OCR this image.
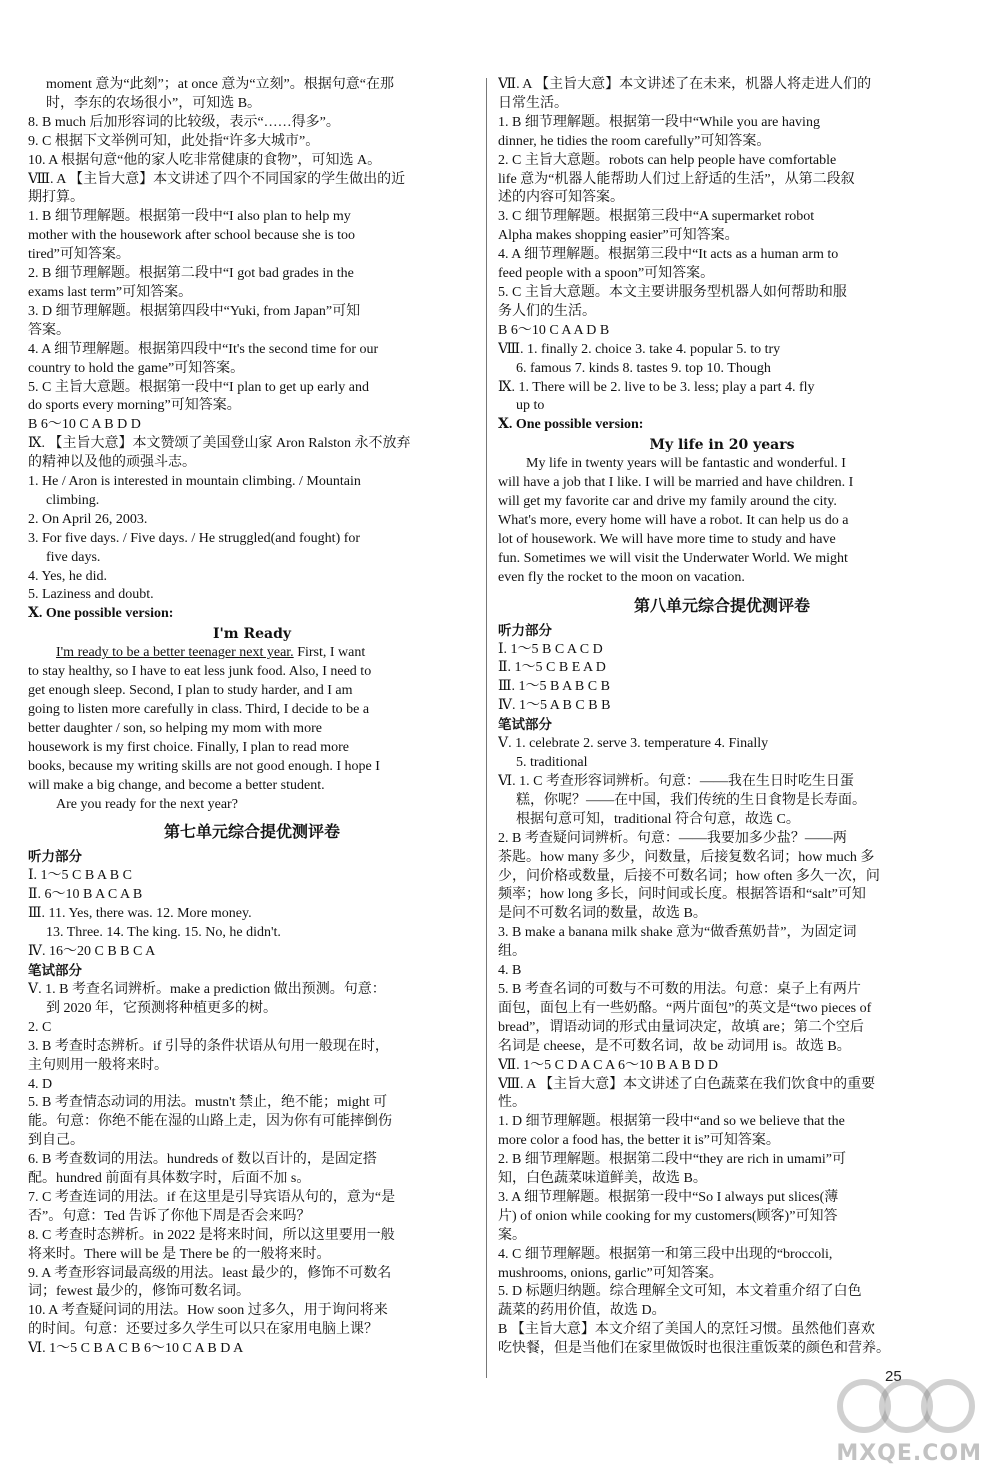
moment 意为“此刻”；at once 意为“立刻”。根据句意“在那
时，李东的农场很小”，可知选 B。
8. B much 后加形容词的比较级，表示“……得多”。
9. C 根据下文举例可知，此处指“许多大城市”。
10. A 根据句意“他的家人吃非常健康的食物”，可知选 A。
Ⅷ. A 【主旨大意】本文讲述了四个不同国家的学生做出的近
期打算。
1. B 细节理解题。根据第一段中“I also plan to help my
mother with the housework after school because she is too
tired”可知答案。
2. B 细节理解题。根据第二段中“I got bad grades in the
exams last term”可知答案。
3. D 细节理解题。根据第四段中“Yuki, from Japan”可知
答案。
4. A 细节理解题。根据第四段中“It's the second time for our
country to hold the game”可知答案。
5. C 主旨大意题。根据第一段中“I plan to get up early and
do sports every morning”可知答案。
B 6～10 C A B D D
Ⅸ. 【主旨大意】本文赞颂了美国登山家 Aron Ralston 永不放弃
的精神以及他的顽强斗志。
1. He / Aron is interested in mountain climbing. / Mountain
climbing.
2. On April 26, 2003.
3. For five days. / Five days. / He struggled(and fought) for
five days.
4. Yes, he did.
5. Laziness and doubt.
Ⅹ. One possible version:
I'm Ready
I'm ready to be a better teenager next year. First, I want
to stay healthy, so I have to eat less junk food. Also, I need to
get enough sleep. Second, I plan to study harder, and I am
going to listen more carefully in class. Third, I decide to be a
better daughter / son, so helping my mom with more
housework is my first choice. Finally, I plan to read more
books, because my writing skills are not good enough. I hope I
will make a big change, and become a better student.
Are you ready for the next year?
第七单元综合提优测评卷
听力部分
Ⅰ. 1～5 C B A B C
Ⅱ. 6～10 B A C A B
Ⅲ. 11. Yes, there was. 12. More money.
13. Three. 14. The king. 15. No, he didn't.
Ⅳ. 16～20 C B B C A
笔试部分
Ⅴ. 1. B 考查名词辨析。make a prediction 做出预测。句意：
到 2020 年，它预测将种植更多的树。
2. C
3. B 考查时态辨析。if 引导的条件状语从句用一般现在时，
主句则用一般将来时。
4. D
5. B 考查情态动词的用法。mustn't 禁止，绝不能；might 可
能。句意：你绝不能在湿的山路上走，因为你有可能摔倒伤
到自己。
6. B 考查数词的用法。hundreds of 数以百计的，是固定搭
配。hundred 前面有具体数字时，后面不加 s。
7. C 考查连词的用法。if 在这里是引导宾语从句的，意为“是
否”。句意：Ted 告诉了你他下周是否会来吗？
8. C 考查时态辨析。in 2022 是将来时间，所以这里要用一般
将来时。There will be 是 There be 的一般将来时。
9. A 考查形容词最高级的用法。least 最少的，修饰不可数名
词；fewest 最少的，修饰可数名词。
10. A 考查疑问词的用法。How soon 过多久，用于询问将来
的时间。句意：还要过多久学生可以只在家用电脑上课？
Ⅵ. 1～5 C B A C B 6～10 C A B D A
Ⅶ. A 【主旨大意】本文讲述了在未来，机器人将走进人们的
日常生活。
1. B 细节理解题。根据第一段中“While you are having
dinner, he tidies the room carefully”可知答案。
2. C 主旨大意题。robots can help people have comfortable
life 意为“机器人能帮助人们过上舒适的生活”，从第二段叙
述的内容可知答案。
3. C 细节理解题。根据第三段中“A supermarket robot
Alpha makes shopping easier”可知答案。
4. A 细节理解题。根据第三段中“It acts as a human arm to
feed people with a spoon”可知答案。
5. C 主旨大意题。本文主要讲服务型机器人如何帮助和服
务人们的生活。
B 6～10 C A A D B
Ⅷ. 1. finally 2. choice 3. take 4. popular 5. to try
6. famous 7. kinds 8. tastes 9. top 10. Though
Ⅸ. 1. There will be 2. live to be 3. less; play a part 4. fly
up to
Ⅹ. One possible version:
My life in 20 years
My life in twenty years will be fantastic and wonderful. I
will have a job that I like. I will be married and have children. I
will get my favorite car and drive my family around the city.
What's more, every home will have a robot. It can help us do a
lot of housework. We will have more time to study and have
fun. Sometimes we will visit the Underwater World. We might
even fly the rocket to the moon on vacation.
第八单元综合提优测评卷
听力部分
Ⅰ. 1～5 B C A C D
Ⅱ. 1～5 C B E A D
Ⅲ. 1～5 B A B C B
Ⅳ. 1～5 A B C B B
笔试部分
Ⅴ. 1. celebrate 2. serve 3. temperature 4. Finally
5. traditional
Ⅵ. 1. C 考查形容词辨析。句意：——我在生日时吃生日蛋
糕，你呢？——在中国，我们传统的生日食物是长寿面。
根据句意可知，traditional 符合句意，故选 C。
2. B 考查疑问词辨析。句意：——我要加多少盐？——两
茶匙。how many 多少，问数量，后接复数名词；how much 多
少，问价格或数量，后接不可数名词；how often 多久一次，问
频率；how long 多长，问时间或长度。根据答语和“salt”可知
是问不可数名词的数量，故选 B。
3. B make a banana milk shake 意为“做香蕉奶昔”，为固定词
组。
4. B
5. B 考查名词的可数与不可数的用法。句意：桌子上有两片
面包，面包上有一些奶酪。“两片面包”的英文是“two pieces of
bread”，谓语动词的形式由量词决定，故填 are；第二个空后
名词是 cheese，是不可数名词，故 be 动词用 is。故选 B。
Ⅶ. 1～5 C D A C A 6～10 B A B D D
Ⅷ. A 【主旨大意】本文讲述了白色蔬菜在我们饮食中的重要
性。
1. D 细节理解题。根据第一段中“and so we believe that the
more color a food has, the better it is”可知答案。
2. B 细节理解题。根据第二段中“they are rich in umami”可
知，白色蔬菜味道鲜美，故选 B。
3. A 细节理解题。根据第一段中“So I always put slices(薄
片) of onion while cooking for my customers(顾客)”可知答
案。
4. C 细节理解题。根据第一和第三段中出现的“broccoli,
mushrooms, onions, garlic”可知答案。
5. D 标题归纳题。综合理解全文可知，本文着重介绍了白色
蔬菜的药用价值，故选 D。
B 【主旨大意】本文介绍了美国人的烹饪习惯。虽然他们喜欢
吃快餐，但是当他们在家里做饭时也很注重饭菜的颜色和营养。
25
MXQE.COM
